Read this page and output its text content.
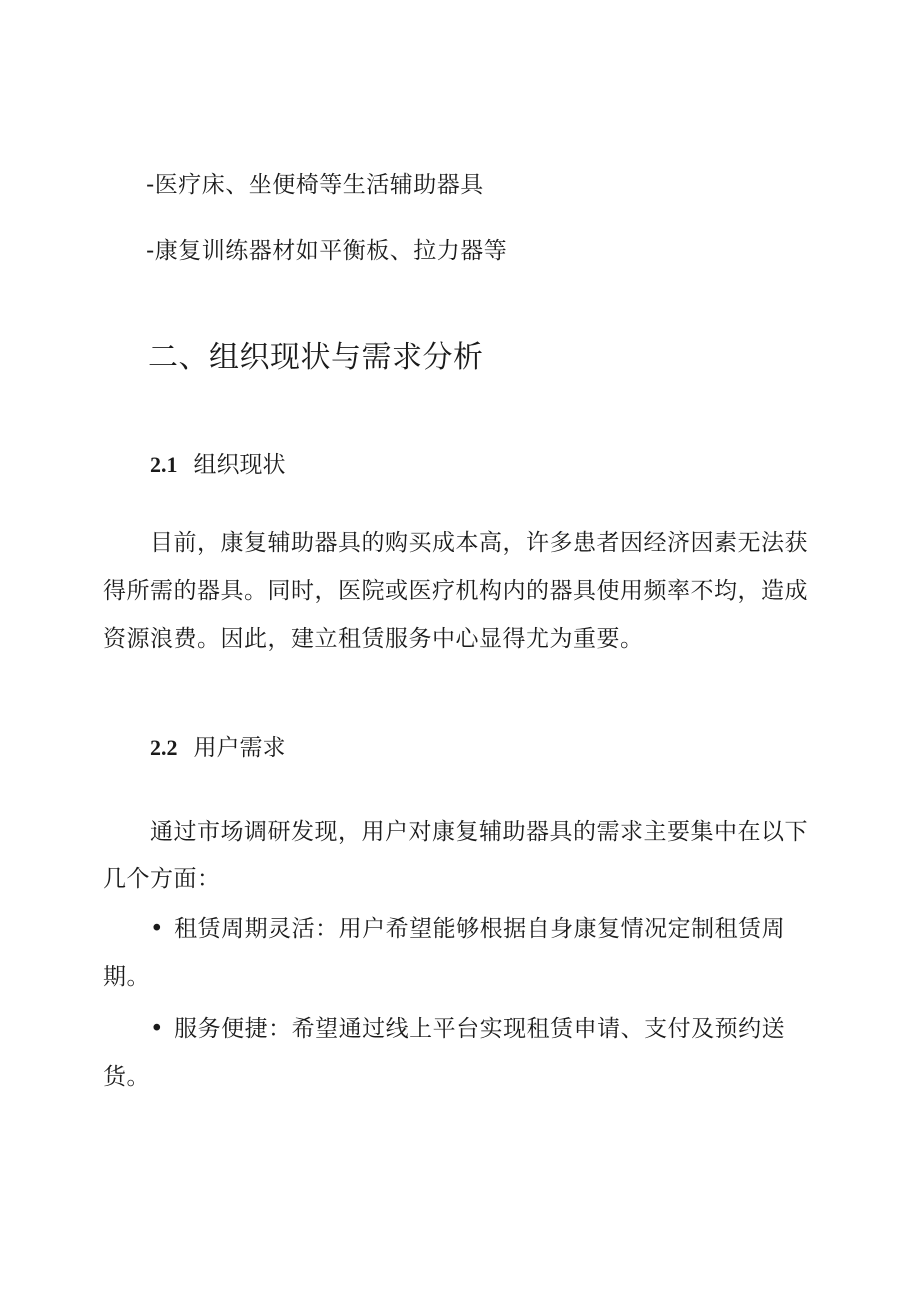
-医疗床、坐便椅等生活辅助器具
-康复训练器材如平衡板、拉力器等
二、组织现状与需求分析
2.1 组织现状
目前，康复辅助器具的购买成本高，许多患者因经济因素无法获
得所需的器具。同时，医院或医疗机构内的器具使用频率不均，造成
资源浪费。因此，建立租赁服务中心显得尤为重要。
2.2 用户需求
通过市场调研发现，用户对康复辅助器具的需求主要集中在以下
几个方面：
• 租赁周期灵活：用户希望能够根据自身康复情况定制租赁周
期。
• 服务便捷：希望通过线上平台实现租赁申请、支付及预约送
货。
